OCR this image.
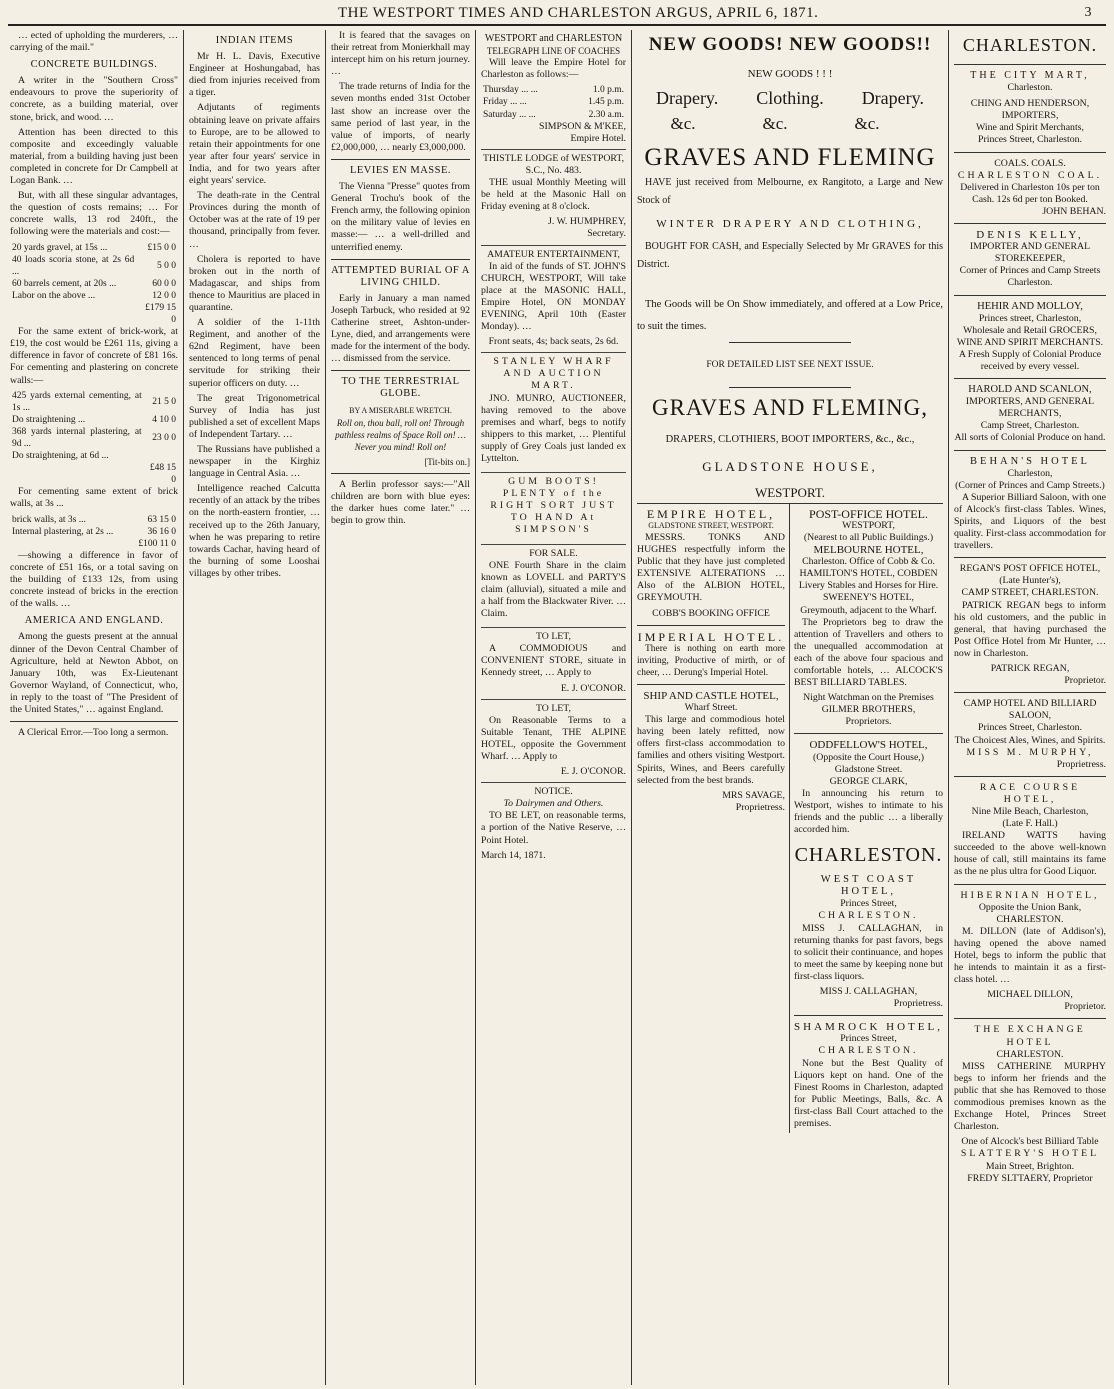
THE WESTPORT TIMES AND CHARLESTON ARGUS, APRIL 6, 1871.	3

… ected of upholding the murderers, … carrying of the mail."

CONCRETE BUILDINGS.

A writer in the "Southern Cross" endeavours to prove the superiority of concrete, as a building material, over stone, brick, and wood. …

Attention has been directed to this composite and exceedingly valuable material, from a building having just been completed in concrete for Dr Campbell at Logan Bank. …

But, with all these singular advantages, the question of costs remains; … For concrete walls, 13 rod 240ft., the following were the materials and cost:—

20 yards gravel, at 15s ...	£15 0 0
40 loads scoria stone, at 2s 6d ...	5 0 0
60 barrels cement, at 20s ...	60 0 0
Labor on the above ...	12 0 0
	£179 15 0

For the same extent of brick-work, at £19, the cost would be £261 11s, giving a difference in favor of concrete of £81 16s. For cementing and plastering on concrete walls:—

425 yards external cementing, at 1s ...	21 5 0
Do straightening ...	4 10 0
368 yards internal plastering, at 9d ...	23 0 0
Do straightening, at 6d ...	
	£48 15 0

For cementing same extent of brick walls, at 3s ...

brick walls, at 3s ...	63 15 0
Internal plastering, at 2s ...	36 16 0
	£100 11 0

—showing a difference in favor of concrete of £51 16s, or a total saving on the building of £133 12s, from using concrete instead of bricks in the erection of the walls. …

AMERICA AND ENGLAND.

Among the guests present at the annual dinner of the Devon Central Chamber of Agriculture, held at Newton Abbot, on January 10th, was Ex-Lieutenant Governor Wayland, of Connecticut, who, in reply to the toast of "The President of the United States," … against England.

A Clerical Error.—Too long a sermon.

INDIAN ITEMS

Mr H. L. Davis, Executive Engineer at Hoshungabad, has died from injuries received from a tiger.

Adjutants of regiments obtaining leave on private affairs to Europe, are to be allowed to retain their appointments for one year after four years' service in India, and for two years after eight years' service.

The death-rate in the Central Provinces during the month of October was at the rate of 19 per thousand, principally from fever. …

Cholera is reported to have broken out in the north of Madagascar, and ships from thence to Mauritius are placed in quarantine.

A soldier of the 1-11th Regiment, and another of the 62nd Regiment, have been sentenced to long terms of penal servitude for striking their superior officers on duty. …

The great Trigonometrical Survey of India has just published a set of excellent Maps of Independent Tartary. …

The Russians have published a newspaper in the Kirghiz language in Central Asia. …

Intelligence reached Calcutta recently of an attack by the tribes on the north-eastern frontier, … received up to the 26th January, when he was preparing to retire towards Cachar, having heard of the burning of some Looshai villages by other tribes.

It is feared that the savages on their retreat from Monierkhall may intercept him on his return journey. …

The trade returns of India for the seven months ended 31st October last show an increase over the same period of last year, in the value of imports, of nearly £2,000,000, … nearly £3,000,000.

LEVIES EN MASSE.

The Vienna "Presse" quotes from General Trochu's book of the French army, the following opinion on the military value of levies en masse:— … a well-drilled and unterrified enemy.

ATTEMPTED BURIAL OF A LIVING CHILD.

Early in January a man named Joseph Tarbuck, who resided at 92 Catherine street, Ashton-under-Lyne, died, and arrangements were made for the interment of the body. … dismissed from the service.

TO THE TERRESTRIAL GLOBE.
BY A MISERABLE WRETCH.

Roll on, thou ball, roll on! Through pathless realms of Space Roll on! … Never you mind! Roll on!

[Tit-bits on.]

A Berlin professor says:—"All children are born with blue eyes: the darker hues come later." … begin to grow thin.

WESTPORT and CHARLESTON
TELEGRAPH LINE OF COACHES

Will leave the Empire Hotel for Charleston as follows:—

Thursday ... ...	1.0 p.m.
Friday ... ...	1.45 p.m.
Saturday ... ...	2.30 a.m.
SIMPSON & M'KEE,
Empire Hotel.
THISTLE LODGE of WESTPORT,
S.C., No. 483.

THE usual Monthly Meeting will be held at the Masonic Hall on Friday evening at 8 o'clock.

J. W. HUMPHREY,
Secretary.
AMATEUR ENTERTAINMENT,

In aid of the funds of ST. JOHN'S CHURCH, WESTPORT, Will take place at the MASONIC HALL, Empire Hotel, ON MONDAY EVENING, April 10th (Easter Monday). …

Front seats, 4s; back seats, 2s 6d.
STANLEY WHARF AND AUCTION MART.

JNO. MUNRO, AUCTIONEER, having removed to the above premises and wharf, begs to notify shippers to this market, … Plentiful supply of Grey Coals just landed ex Lyttelton.

GUM BOOTS!

PLENTY of the RIGHT SORT JUST TO HAND At SIMPSON'S

FOR SALE.

ONE Fourth Share in the claim known as LOVELL and PARTY'S claim (alluvial), situated a mile and a half from the Blackwater River. … Claim.

TO LET,

A COMMODIOUS and CONVENIENT STORE, situate in Kennedy street, … Apply to

E. J. O'CONOR.
TO LET,

On Reasonable Terms to a Suitable Tenant, THE ALPINE HOTEL, opposite the Government Wharf. … Apply to

E. J. O'CONOR.
NOTICE.
To Dairymen and Others.

TO BE LET, on reasonable terms, a portion of the Native Reserve, … Point Hotel.

March 14, 1871.
NEW GOODS! NEW GOODS!!
NEW GOODS ! ! !
Drapery. Clothing. Drapery.
&c.	&c.	&c.
GRAVES AND FLEMING

HAVE just received from Melbourne, ex Rangitoto, a Large and New Stock of

WINTER DRAPERY AND CLOTHING,

BOUGHT FOR CASH, and Especially Selected by Mr GRAVES for this District.

The Goods will be On Show immediately, and offered at a Low Price, to suit the times.

FOR DETAILED LIST SEE NEXT ISSUE.
GRAVES AND FLEMING,
DRAPERS, CLOTHIERS, BOOT IMPORTERS, &c., &c.,
GLADSTONE HOUSE,
WESTPORT.
EMPIRE HOTEL,
GLADSTONE STREET, WESTPORT.

MESSRS. TONKS AND HUGHES respectfully inform the Public that they have just completed EXTENSIVE ALTERATIONS … Also of the ALBION HOTEL, GREYMOUTH.

COBB'S BOOKING OFFICE
IMPERIAL HOTEL.

There is nothing on earth more inviting, Productive of mirth, or of cheer, … Derung's Imperial Hotel.

SHIP AND CASTLE HOTEL,
Wharf Street.

This large and commodious hotel having been lately refitted, now offers first-class accommodation to families and others visiting Westport. Spirits, Wines, and Beers carefully selected from the best brands.

MRS SAVAGE,
Proprietress.
POST-OFFICE HOTEL.
WESTPORT,
(Nearest to all Public Buildings.)
MELBOURNE HOTEL,
Charleston. Office of Cobb & Co.
HAMILTON'S HOTEL, COBDEN
Livery Stables and Horses for Hire.
SWEENEY'S HOTEL,
Greymouth, adjacent to the Wharf.

The Proprietors beg to draw the attention of Travellers and others to the unequalled accommodation at each of the above four spacious and comfortable hotels, … ALCOCK'S BEST BILLIARD TABLES.

Night Watchman on the Premises
GILMER BROTHERS,
Proprietors.
ODDFELLOW'S HOTEL,
(Opposite the Court House,)
Gladstone Street.
GEORGE CLARK,

In announcing his return to Westport, wishes to intimate to his friends and the public … a liberally accorded him.

CHARLESTON.
WEST COAST HOTEL,
Princes Street,
CHARLESTON.

MISS J. CALLAGHAN, in returning thanks for past favors, begs to solicit their continuance, and hopes to meet the same by keeping none but first-class liquors.

MISS J. CALLAGHAN,
Proprietress.
SHAMROCK HOTEL,
Princes Street,
CHARLESTON.

None but the Best Quality of Liquors kept on hand. One of the Finest Rooms in Charleston, adapted for Public Meetings, Balls, &c. A first-class Ball Court attached to the premises.

CHARLESTON.
THE CITY MART,
Charleston.
CHING AND HENDERSON, IMPORTERS,
Wine and Spirit Merchants,
Princes Street, Charleston.
COALS. COALS.
CHARLESTON COAL.
Delivered in Charleston 10s per ton Cash. 12s 6d per ton Booked.
JOHN BEHAN.
DENIS KELLY,
IMPORTER AND GENERAL STOREKEEPER,
Corner of Princes and Camp Streets Charleston.
HEHIR AND MOLLOY,
Princes street, Charleston,
Wholesale and Retail GROCERS, WINE AND SPIRIT MERCHANTS.
A Fresh Supply of Colonial Produce received by every vessel.
HAROLD AND SCANLON,
IMPORTERS, AND GENERAL MERCHANTS,
Camp Street, Charleston.
All sorts of Colonial Produce on hand.
BEHAN'S HOTEL
Charleston,
(Corner of Princes and Camp Streets.)

A Superior Billiard Saloon, with one of Alcock's first-class Tables. Wines, Spirits, and Liquors of the best quality. First-class accommodation for travellers.

REGAN'S POST OFFICE HOTEL,
(Late Hunter's),
CAMP STREET, CHARLESTON.

PATRICK REGAN begs to inform his old customers, and the public in general, that having purchased the Post Office Hotel from Mr Hunter, … now in Charleston.

PATRICK REGAN,
Proprietor.
CAMP HOTEL AND BILLIARD SALOON,
Princes Street, Charleston.
The Choicest Ales, Wines, and Spirits.
MISS M. MURPHY,
Proprietress.
RACE COURSE HOTEL,
Nine Mile Beach, Charleston,
(Late F. Hall.)

IRELAND WATTS having succeeded to the above well-known house of call, still maintains its fame as the ne plus ultra for Good Liquor.

HIBERNIAN HOTEL,
Opposite the Union Bank,
CHARLESTON.

M. DILLON (late of Addison's), having opened the above named Hotel, begs to inform the public that he intends to maintain it as a first-class hotel. …

MICHAEL DILLON,
Proprietor.
THE EXCHANGE HOTEL
CHARLESTON.

MISS CATHERINE MURPHY begs to inform her friends and the public that she has Removed to those commodious premises known as the Exchange Hotel, Princes Street Charleston.

One of Alcock's best Billiard Table
SLATTERY'S HOTEL
Main Street, Brighton.
FREDY SLTTAERY, Proprietor
